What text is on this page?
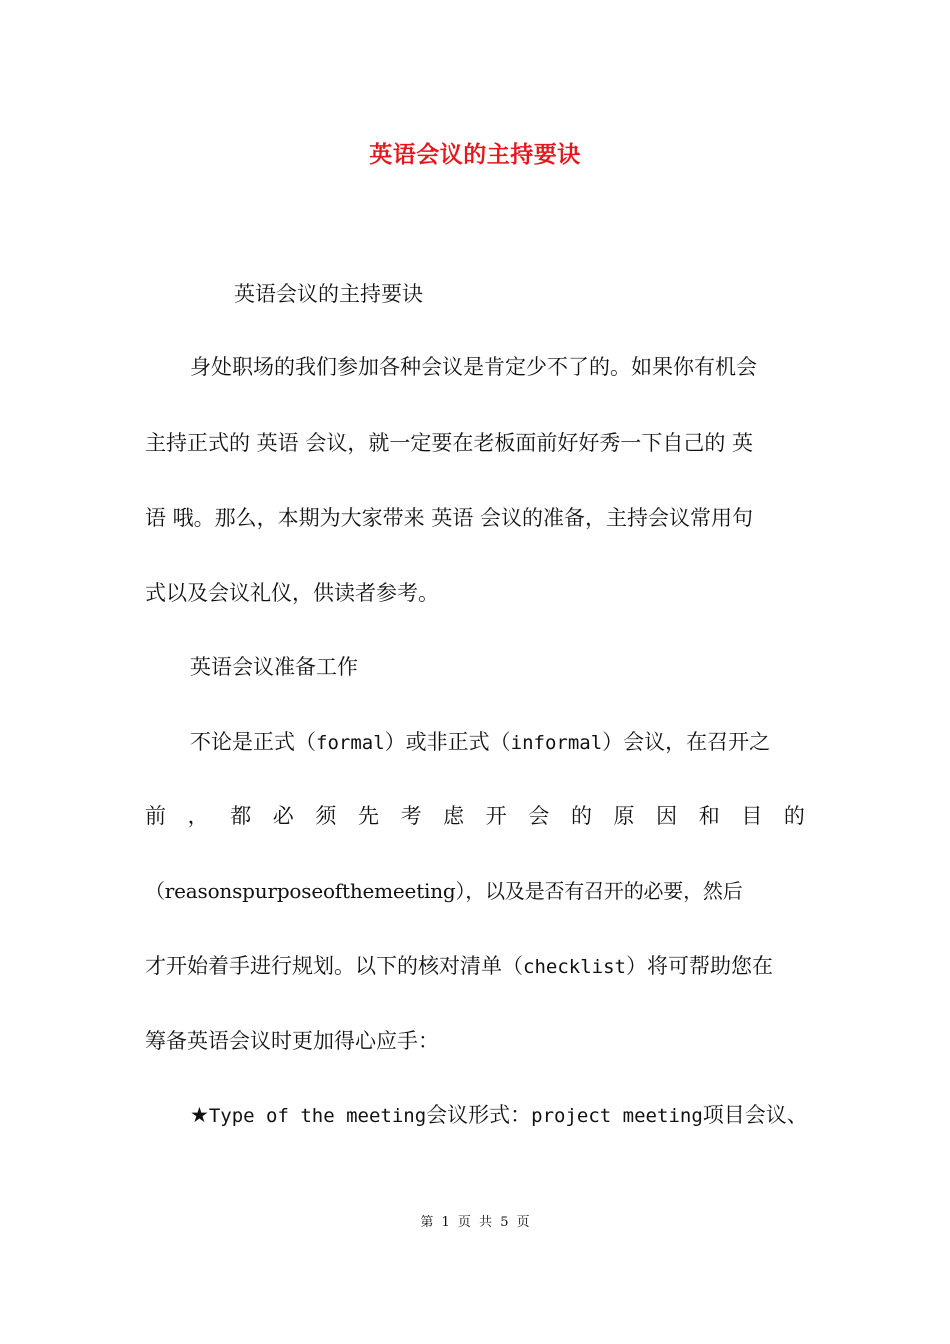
英语会议的主持要诀
英语会议的主持要诀
身处职场的我们参加各种会议是肯定少不了的。如果你有机会
主持正式的 英语 会议，就一定要在老板面前好好秀一下自己的 英
语 哦。那么，本期为大家带来 英语 会议的准备，主持会议常用句
式以及会议礼仪，供读者参考。
英语会议准备工作
不论是正式（formal）或非正式（informal）会议，在召开之
前 ， 都 必 须 先 考 虑 开 会 的 原 因 和 目 的
（reasonspurposeofthemeeting），以及是否有召开的必要，然后
才开始着手进行规划。以下的核对清单（checklist）将可帮助您在
筹备英语会议时更加得心应手：
★Type of the meeting会议形式：project meeting项目会议、
第 1 页 共 5 页
